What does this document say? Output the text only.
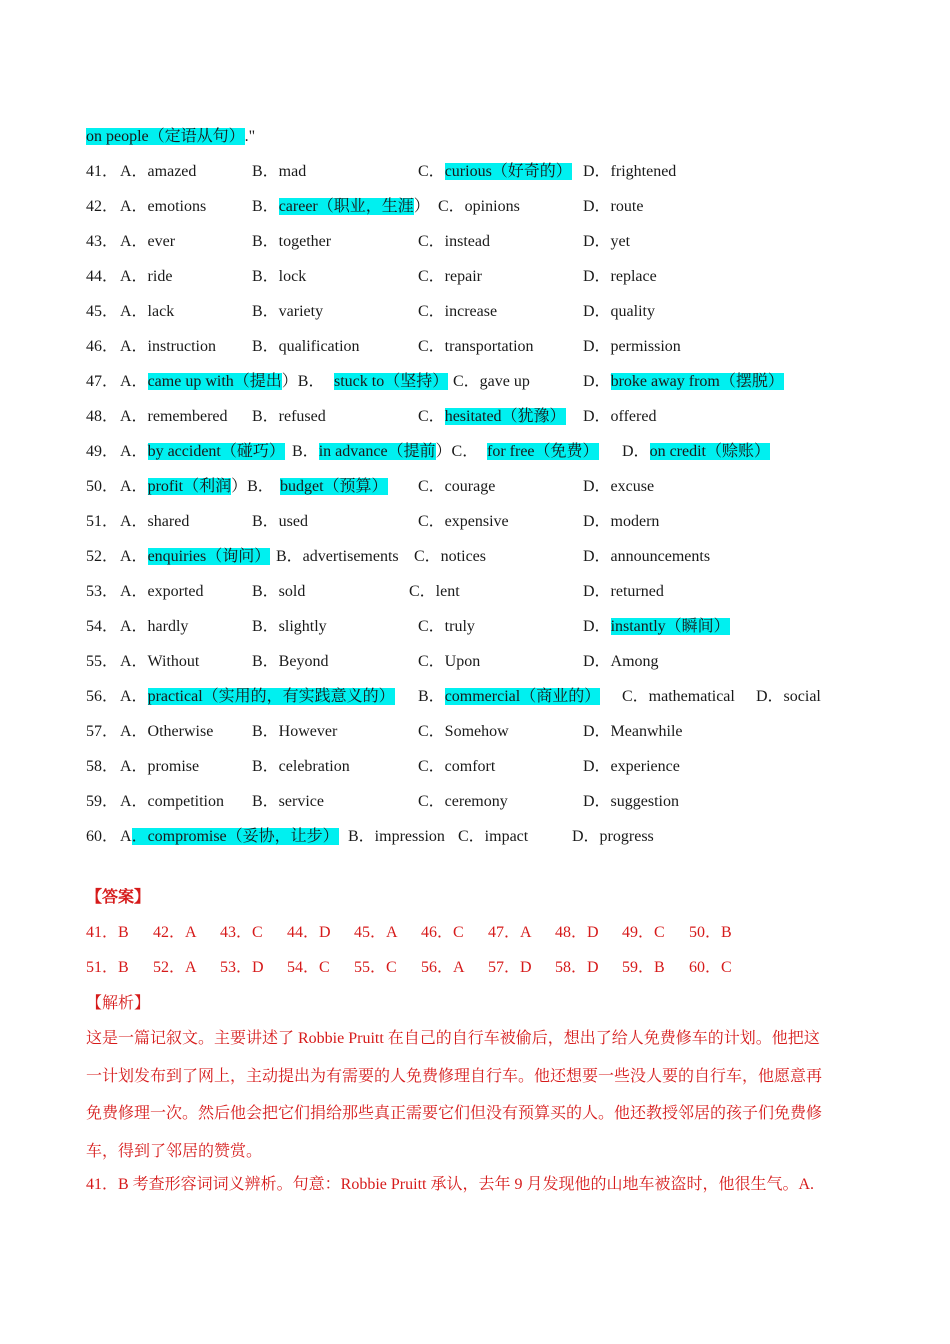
on people（定语从句）."
41． A．amazed	B．mad	C．curious（好奇的） D．frightened
42． A．emotions	B．career（职业，生涯） C．opinions	D．route
43． A．ever	B．together	C．instead	D．yet
44． A．ride	B．lock	C．repair	D．replace
45． A．lack	B．variety	C．increase	D．quality
46． A．instruction B．qualification	C．transportation	D．permission
47． A．came up with（提出）B． stuck to（坚持） C．gave up	D．broke away from（摆脱）
48． A．remembered B．refused	C．hesitated（犹豫） D．offered
49． A．by accident（碰巧） B．in advance（提前）C． for free（免费） D．on credit（赊账）
50． A．profit（利润）B． budget（预算） C．courage	D．excuse
51． A．shared	B．used	C．expensive	D．modern
52． A．enquiries（询问） B．advertisements C．notices	D．announcements
53． A．exported	B．sold	C．lent	D．returned
54． A．hardly	B．slightly	C．truly	D．instantly（瞬间）
55． A．Without	B．Beyond	C．Upon	D．Among
56． A．practical（实用的，有实践意义的） B．commercial（商业的） C．mathematical D．social
57． A．Otherwise B．However	C．Somehow	D．Meanwhile
58． A．promise	B．celebration	C．comfort	D．experience
59． A．competition B．service	C．ceremony	D．suggestion
60． A．compromise（妥协，让步） B．impression C．impact	D．progress
【答案】
41．B 42．A 43．C 44．D 45．A 46．C 47．A 48．D 49．C 50．B
51．B 52．A 53．D 54．C 55．C 56．A 57．D 58．D 59．B 60．C
【解析】
这是一篇记叙文。主要讲述了 Robbie Pruitt 在自己的自行车被偷后，想出了给人免费修车的计划。他把这
一计划发布到了网上，主动提出为有需要的人免费修理自行车。他还想要一些没人要的自行车，他愿意再
免费修理一次。然后他会把它们捐给那些真正需要它们但没有预算买的人。他还教授邻居的孩子们免费修
车，得到了邻居的赞赏。
41．B 考查形容词词义辨析。句意：Robbie Pruitt 承认，去年 9 月发现他的山地车被盗时，他很生气。A.
